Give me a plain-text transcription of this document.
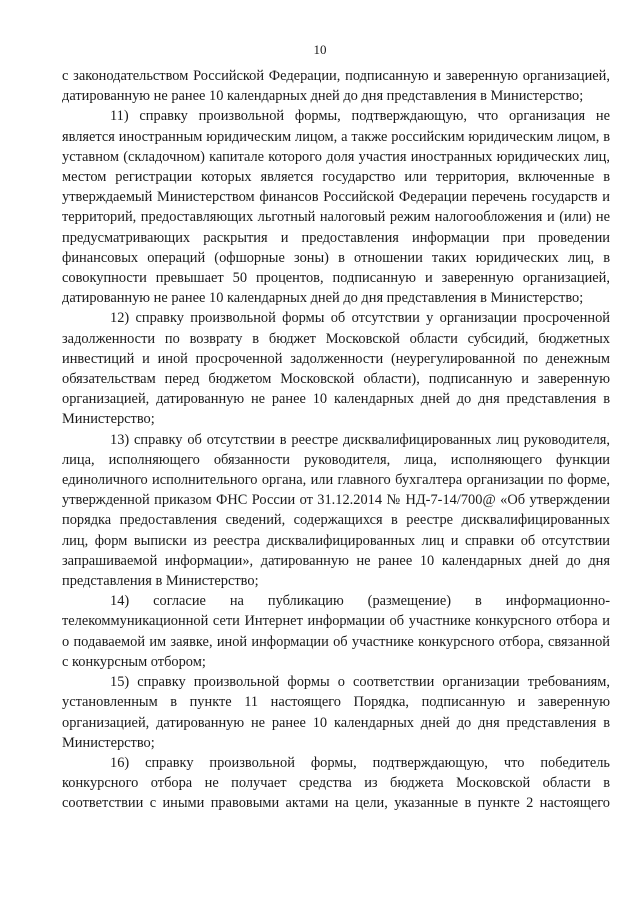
10

с законодательством Российской Федерации, подписанную и заверенную организацией, датированную не ранее 10 календарных дней до дня представления в Министерство;

11) справку произвольной формы, подтверждающую, что организация не является иностранным юридическим лицом, а также российским юридическим лицом, в уставном (складочном) капитале которого доля участия иностранных юридических лиц, местом регистрации которых является государство или территория, включенные в утверждаемый Министерством финансов Российской Федерации перечень государств и территорий, предоставляющих льготный налоговый режим налогообложения и (или) не предусматривающих раскрытия и предоставления информации при проведении финансовых операций (офшорные зоны) в отношении таких юридических лиц, в совокупности превышает 50 процентов, подписанную и заверенную организацией, датированную не ранее 10 календарных дней до дня представления в Министерство;

12) справку произвольной формы об отсутствии у организации просроченной задолженности по возврату в бюджет Московской области субсидий, бюджетных инвестиций и иной просроченной задолженности (неурегулированной по денежным обязательствам перед бюджетом Московской области), подписанную и заверенную организацией, датированную не ранее 10 календарных дней до дня представления в Министерство;

13) справку об отсутствии в реестре дисквалифицированных лиц руководителя, лица, исполняющего обязанности руководителя, лица, исполняющего функции единоличного исполнительного органа, или главного бухгалтера организации по форме, утвержденной приказом ФНС России от 31.12.2014 № НД-7-14/700@ «Об утверждении порядка предоставления сведений, содержащихся в реестре дисквалифицированных лиц, форм выписки из реестра дисквалифицированных лиц и справки об отсутствии запрашиваемой информации», датированную не ранее 10 календарных дней до дня представления в Министерство;

14) согласие на публикацию (размещение) в информационно-телекоммуникационной сети Интернет информации об участнике конкурсного отбора и о подаваемой им заявке, иной информации об участнике конкурсного отбора, связанной с конкурсным отбором;

15) справку произвольной формы о соответствии организации требованиям, установленным в пункте 11 настоящего Порядка, подписанную и заверенную организацией, датированную не ранее 10 календарных дней до дня представления в Министерство;

16) справку произвольной формы, подтверждающую, что победитель конкурсного отбора не получает средства из бюджета Московской области в соответствии с иными правовыми актами на цели, указанные в пункте 2 настоящего
